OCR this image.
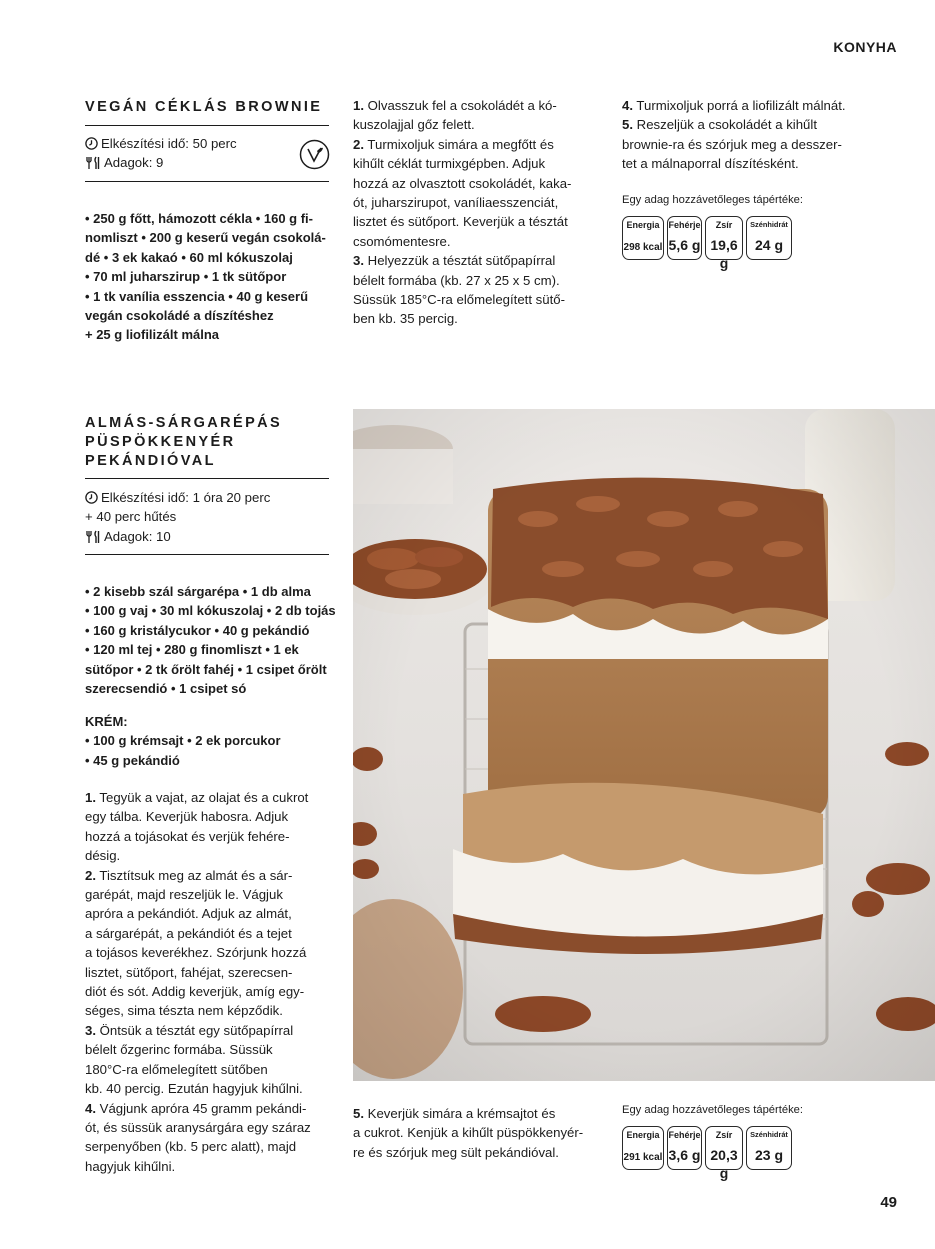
KONYHA
VEGÁN CÉKLÁS BROWNIE
Elkészítési idő: 50 perc
Adagok: 9
• 250 g főtt, hámozott cékla • 160 g fi-
nomliszt • 200 g keserű vegán csokolá-
dé • 3 ek kakaó • 60 ml kókuszolaj
• 70 ml juharszirup • 1 tk sütőpor
• 1 tk vanília esszencia • 40 g keserű
vegán csokoládé a díszítéshez
+ 25 g liofilizált málna

1. Olvasszuk fel a csokoládét a kó-

kuszolajjal gőz felett.

2. Turmixoljuk simára a megfőtt és

kihűlt céklát turmixgépben. Adjuk

hozzá az olvasztott csokoládét, kaka-

ót, juharszirupot, vaníliaesszenciát,

lisztet és sütőport. Keverjük a tésztát

csomómentesre.

3. Helyezzük a tésztát sütőpapírral

bélelt formába (kb. 27 x 25 x 5 cm).

Süssük 185°C-ra előmelegített sütő-

ben kb. 35 percig.

4. Turmixoljuk porrá a liofilizált málnát.

5. Reszeljük a csokoládét a kihűlt

brownie-ra és szórjuk meg a desszer-

tet a málnaporral díszítésként.

Egy adag hozzávetőleges tápértéke:
Energia
298 kcal
Fehérje
5,6 g
Zsír
19,6 g
Szénhidrát
24 g
ALMÁS-SÁRGARÉPÁS
PÜSPÖKKENYÉR
PEKÁNDIÓVAL
Elkészítési idő: 1 óra 20 perc
+ 40 perc hűtés
Adagok: 10
• 2 kisebb szál sárgarépa • 1 db alma
• 100 g vaj • 30 ml kókuszolaj • 2 db tojás
• 160 g kristálycukor • 40 g pekándió
• 120 ml tej • 280 g finomliszt • 1 ek
sütőpor • 2 tk őrölt fahéj • 1 csipet őrölt
szerecsendió • 1 csipet só
KRÉM:
• 100 g krémsajt • 2 ek porcukor
• 45 g pekándió

1. Tegyük a vajat, az olajat és a cukrot

egy tálba. Keverjük habosra. Adjuk

hozzá a tojásokat és verjük fehére-

désig.

2. Tisztítsuk meg az almát és a sár-

garépát, majd reszeljük le. Vágjuk

apróra a pekándiót. Adjuk az almát,

a sárgarépát, a pekándiót és a tejet

a tojásos keverékhez. Szórjunk hozzá

lisztet, sütőport, fahéjat, szerecsen-

diót és sót. Addig keverjük, amíg egy-

séges, sima tészta nem képződik.

3. Öntsük a tésztát egy sütőpapírral

bélelt őzgerinc formába. Süssük

180°C-ra előmelegített sütőben

kb. 40 percig. Ezután hagyjuk kihűlni.

4. Vágjunk apróra 45 gramm pekándi-

ót, és süssük aranysárgára egy száraz

serpenyőben (kb. 5 perc alatt), majd

hagyjuk kihűlni.

5. Keverjük simára a krémsajtot és

a cukrot. Kenjük a kihűlt püspökkenyér-

re és szórjuk meg sült pekándióval.

Egy adag hozzávetőleges tápértéke:
Energia
291 kcal
Fehérje
3,6 g
Zsír
20,3 g
Szénhidrát
23 g
49
